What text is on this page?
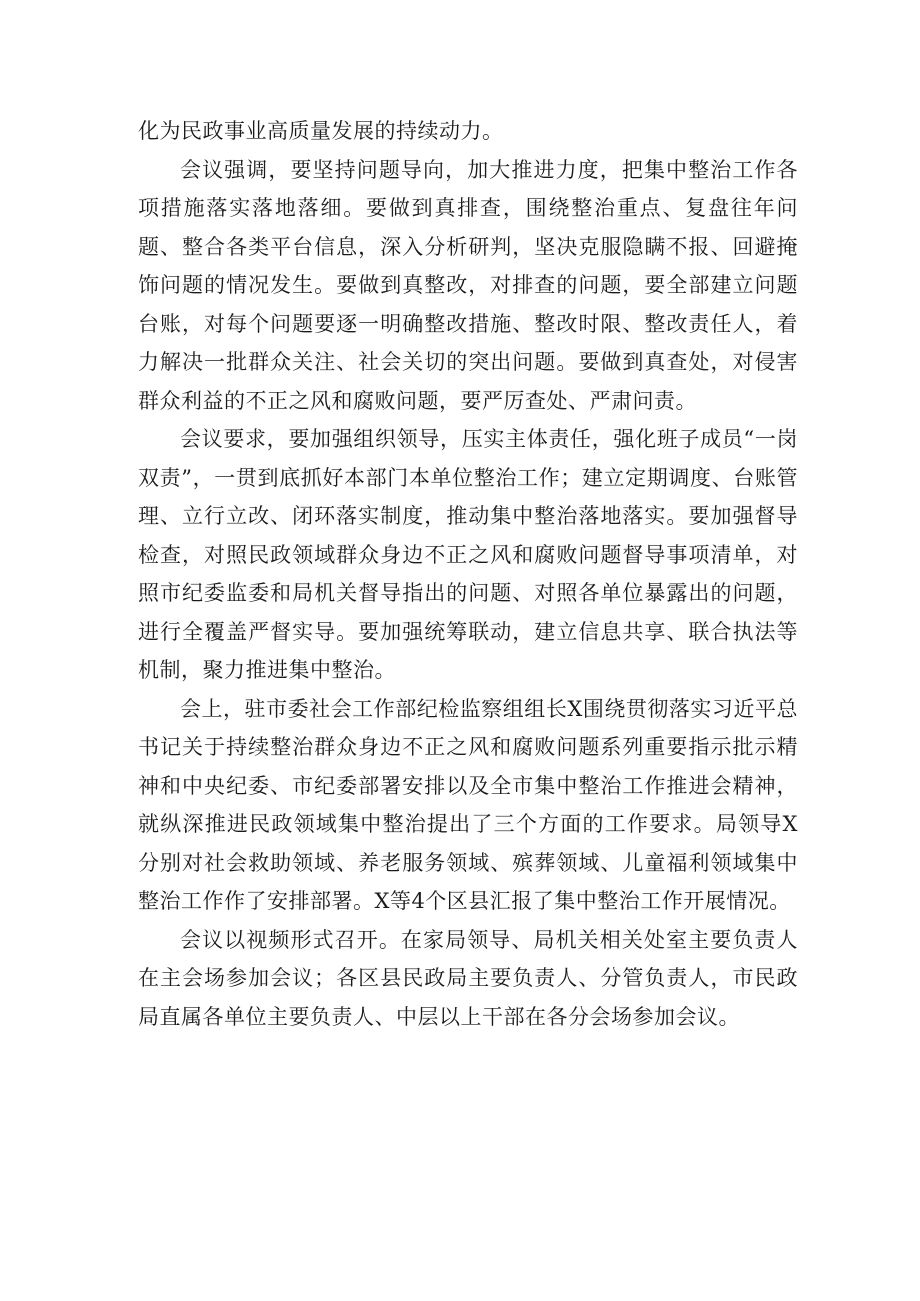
化为民政事业高质量发展的持续动力。

会议强调，要坚持问题导向，加大推进力度，把集中整治工作各项措施落实落地落细。要做到真排查，围绕整治重点、复盘往年问题、整合各类平台信息，深入分析研判，坚决克服隐瞒不报、回避掩饰问题的情况发生。要做到真整改，对排查的问题，要全部建立问题台账，对每个问题要逐一明确整改措施、整改时限、整改责任人，着力解决一批群众关注、社会关切的突出问题。要做到真查处，对侵害群众利益的不正之风和腐败问题，要严厉查处、严肃问责。

会议要求，要加强组织领导，压实主体责任，强化班子成员“一岗双责”，一贯到底抓好本部门本单位整治工作；建立定期调度、台账管理、立行立改、闭环落实制度，推动集中整治落地落实。要加强督导检查，对照民政领域群众身边不正之风和腐败问题督导事项清单，对照市纪委监委和局机关督导指出的问题、对照各单位暴露出的问题，进行全覆盖严督实导。要加强统筹联动，建立信息共享、联合执法等机制，聚力推进集中整治。

会上，驻市委社会工作部纪检监察组组长X围绕贯彻落实习近平总书记关于持续整治群众身边不正之风和腐败问题系列重要指示批示精神和中央纪委、市纪委部署安排以及全市集中整治工作推进会精神，就纵深推进民政领域集中整治提出了三个方面的工作要求。局领导X分别对社会救助领域、养老服务领域、殡葬领域、儿童福利领域集中整治工作作了安排部署。X等4个区县汇报了集中整治工作开展情况。

会议以视频形式召开。在家局领导、局机关相关处室主要负责人在主会场参加会议；各区县民政局主要负责人、分管负责人，市民政局直属各单位主要负责人、中层以上干部在各分会场参加会议。
